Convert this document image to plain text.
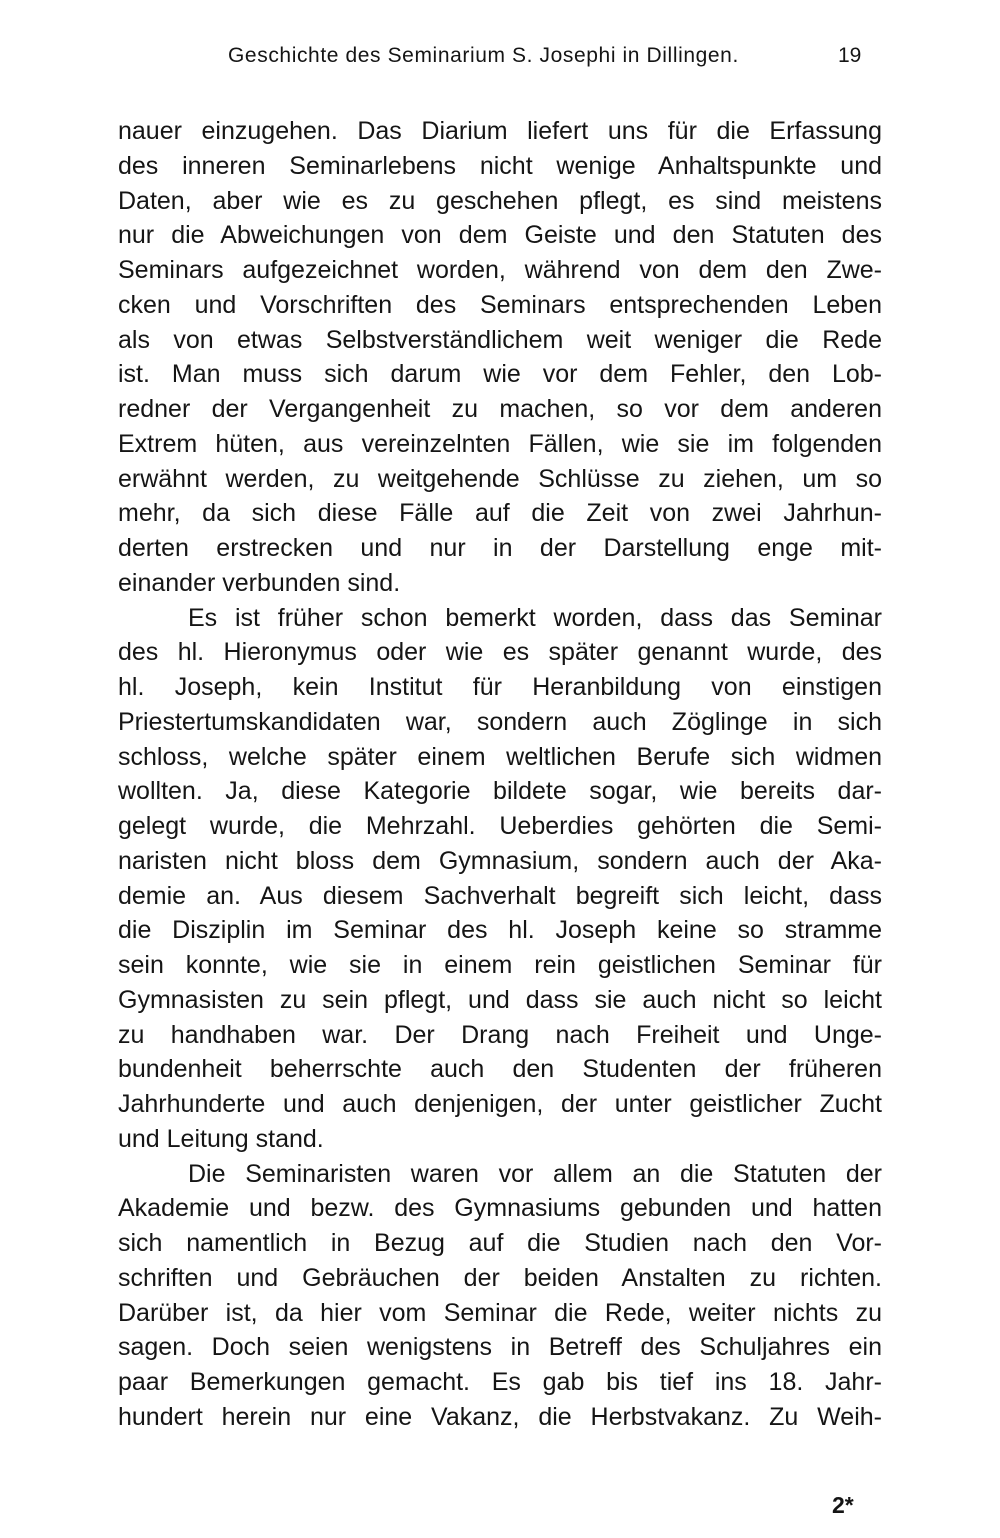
Geschichte des Seminarium S. Josephi in Dillingen.	19
nauer einzugehen. Das Diarium liefert uns für die Erfassung
des inneren Seminarlebens nicht wenige Anhaltspunkte und
Daten, aber wie es zu geschehen pflegt, es sind meistens
nur die Abweichungen von dem Geiste und den Statuten des
Seminars aufgezeichnet worden, während von dem den Zwe-
cken und Vorschriften des Seminars entsprechenden Leben
als von etwas Selbstverständlichem weit weniger die Rede
ist. Man muss sich darum wie vor dem Fehler, den Lob-
redner der Vergangenheit zu machen, so vor dem anderen
Extrem hüten, aus vereinzelnten Fällen, wie sie im folgenden
erwähnt werden, zu weitgehende Schlüsse zu ziehen, um so
mehr, da sich diese Fälle auf die Zeit von zwei Jahrhun-
derten erstrecken und nur in der Darstellung enge mit-
einander verbunden sind.
Es ist früher schon bemerkt worden, dass das Seminar
des hl. Hieronymus oder wie es später genannt wurde, des
hl. Joseph, kein Institut für Heranbildung von einstigen
Priestertumskandidaten war, sondern auch Zöglinge in sich
schloss, welche später einem weltlichen Berufe sich widmen
wollten. Ja, diese Kategorie bildete sogar, wie bereits dar-
gelegt wurde, die Mehrzahl. Ueberdies gehörten die Semi-
naristen nicht bloss dem Gymnasium, sondern auch der Aka-
demie an. Aus diesem Sachverhalt begreift sich leicht, dass
die Disziplin im Seminar des hl. Joseph keine so stramme
sein konnte, wie sie in einem rein geistlichen Seminar für
Gymnasisten zu sein pflegt, und dass sie auch nicht so leicht
zu handhaben war. Der Drang nach Freiheit und Unge-
bundenheit beherrschte auch den Studenten der früheren
Jahrhunderte und auch denjenigen, der unter geistlicher Zucht
und Leitung stand.
Die Seminaristen waren vor allem an die Statuten der
Akademie und bezw. des Gymnasiums gebunden und hatten
sich namentlich in Bezug auf die Studien nach den Vor-
schriften und Gebräuchen der beiden Anstalten zu richten.
Darüber ist, da hier vom Seminar die Rede, weiter nichts zu
sagen. Doch seien wenigstens in Betreff des Schuljahres ein
paar Bemerkungen gemacht. Es gab bis tief ins 18. Jahr-
hundert herein nur eine Vakanz, die Herbstvakanz. Zu Weih-
2*
